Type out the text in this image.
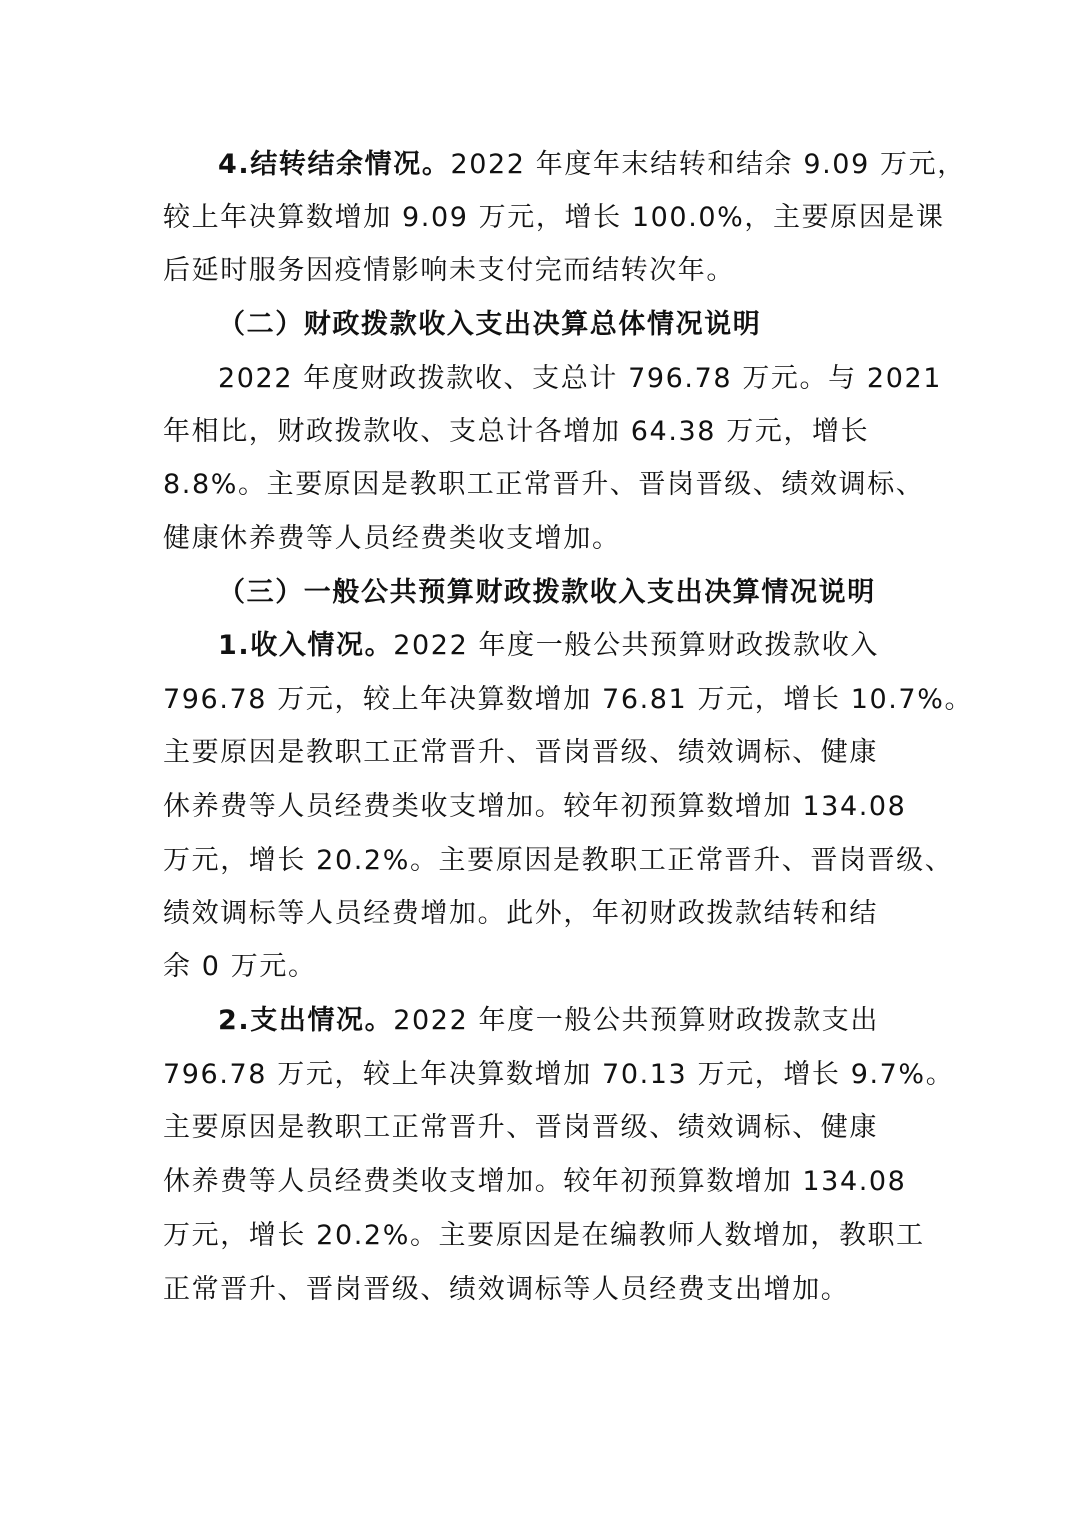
4.结转结余情况。2022 年度年末结转和结余 9.09 万元，
较上年决算数增加 9.09 万元，增长 100.0%，主要原因是课
后延时服务因疫情影响未支付完而结转次年。
（二）财政拨款收入支出决算总体情况说明
2022 年度财政拨款收、支总计 796.78 万元。与 2021
年相比，财政拨款收、支总计各增加 64.38 万元，增长
8.8%。主要原因是教职工正常晋升、晋岗晋级、绩效调标、
健康休养费等人员经费类收支增加。
（三）一般公共预算财政拨款收入支出决算情况说明
1.收入情况。2022 年度一般公共预算财政拨款收入
796.78 万元，较上年决算数增加 76.81 万元，增长 10.7%。
主要原因是教职工正常晋升、晋岗晋级、绩效调标、健康
休养费等人员经费类收支增加。较年初预算数增加 134.08
万元，增长 20.2%。主要原因是教职工正常晋升、晋岗晋级、
绩效调标等人员经费增加。此外，年初财政拨款结转和结
余 0 万元。
2.支出情况。2022 年度一般公共预算财政拨款支出
796.78 万元，较上年决算数增加 70.13 万元，增长 9.7%。
主要原因是教职工正常晋升、晋岗晋级、绩效调标、健康
休养费等人员经费类收支增加。较年初预算数增加 134.08
万元，增长 20.2%。主要原因是在编教师人数增加，教职工
正常晋升、晋岗晋级、绩效调标等人员经费支出增加。
